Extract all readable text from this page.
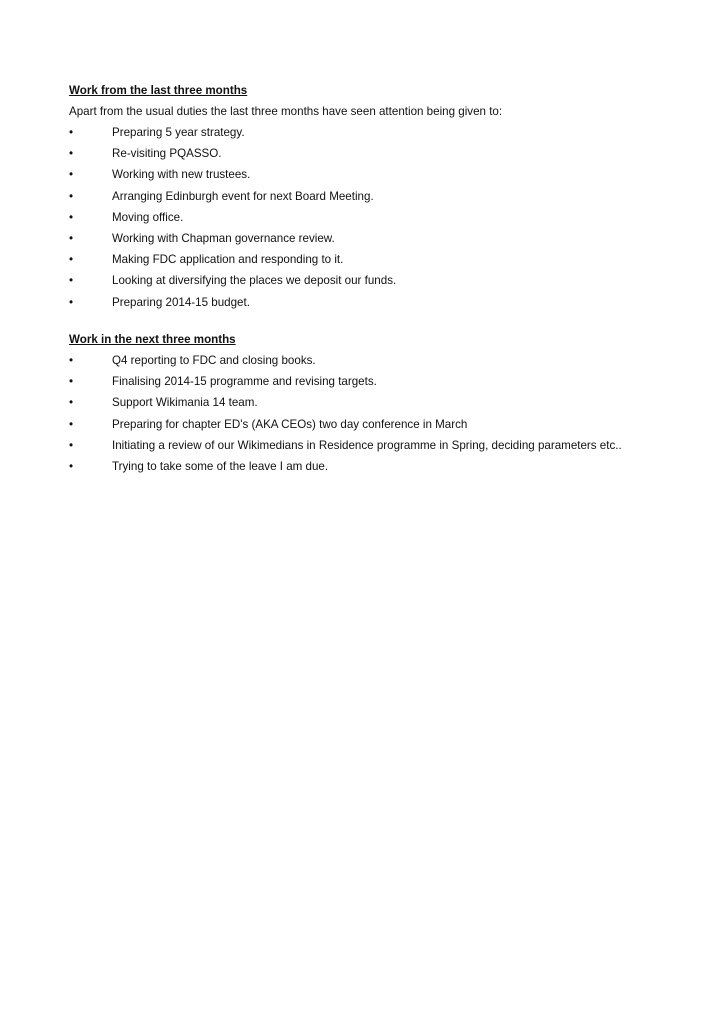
Work from the last three months

Apart from the usual duties the last three months have seen attention being given to:

•	Preparing 5 year strategy.
•	Re-visiting PQASSO.
•	Working with new trustees.
•	Arranging Edinburgh event for next Board Meeting.
•	Moving office.
•	Working with Chapman governance review.
•	Making FDC application and responding to it.
•	Looking at diversifying the places we deposit our funds.
•	Preparing 2014-15 budget.

Work in the next three months

•	Q4 reporting to FDC and closing books.
•	Finalising 2014-15 programme and revising targets.
•	Support Wikimania 14 team.
•	Preparing for chapter ED's (AKA CEOs) two day conference in March
•	Initiating a review of our Wikimedians in Residence programme in Spring, deciding parameters etc..
•	Trying to take some of the leave I am due.
